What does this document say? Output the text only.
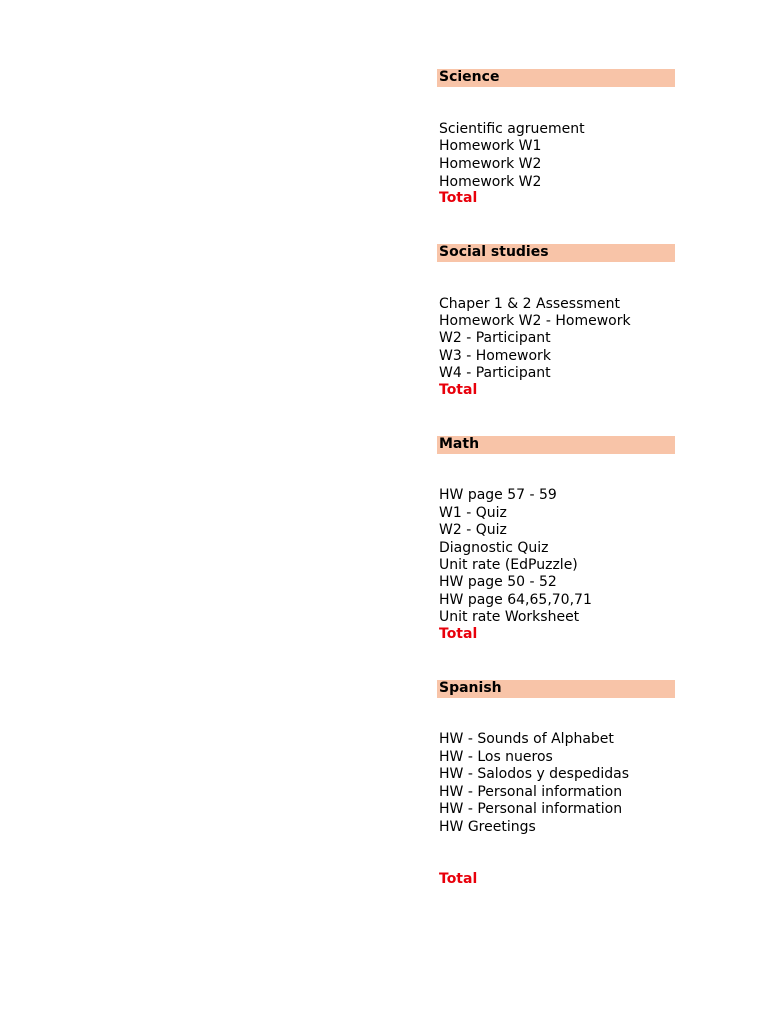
Science
Scientific agruement
Homework W1
Homework W2
Homework W2
Total
Social studies
Chaper 1 & 2 Assessment
Homework W2 - Homework
W2 - Participant
W3 - Homework
W4 - Participant
Total
Math
HW page 57 - 59
W1 - Quiz
W2 - Quiz
Diagnostic Quiz
Unit rate (EdPuzzle)
HW page 50 - 52
HW page 64,65,70,71
Unit rate Worksheet
Total
Spanish
HW - Sounds of Alphabet
HW - Los nueros
HW - Salodos y despedidas
HW - Personal information
HW - Personal information
HW Greetings
Total
